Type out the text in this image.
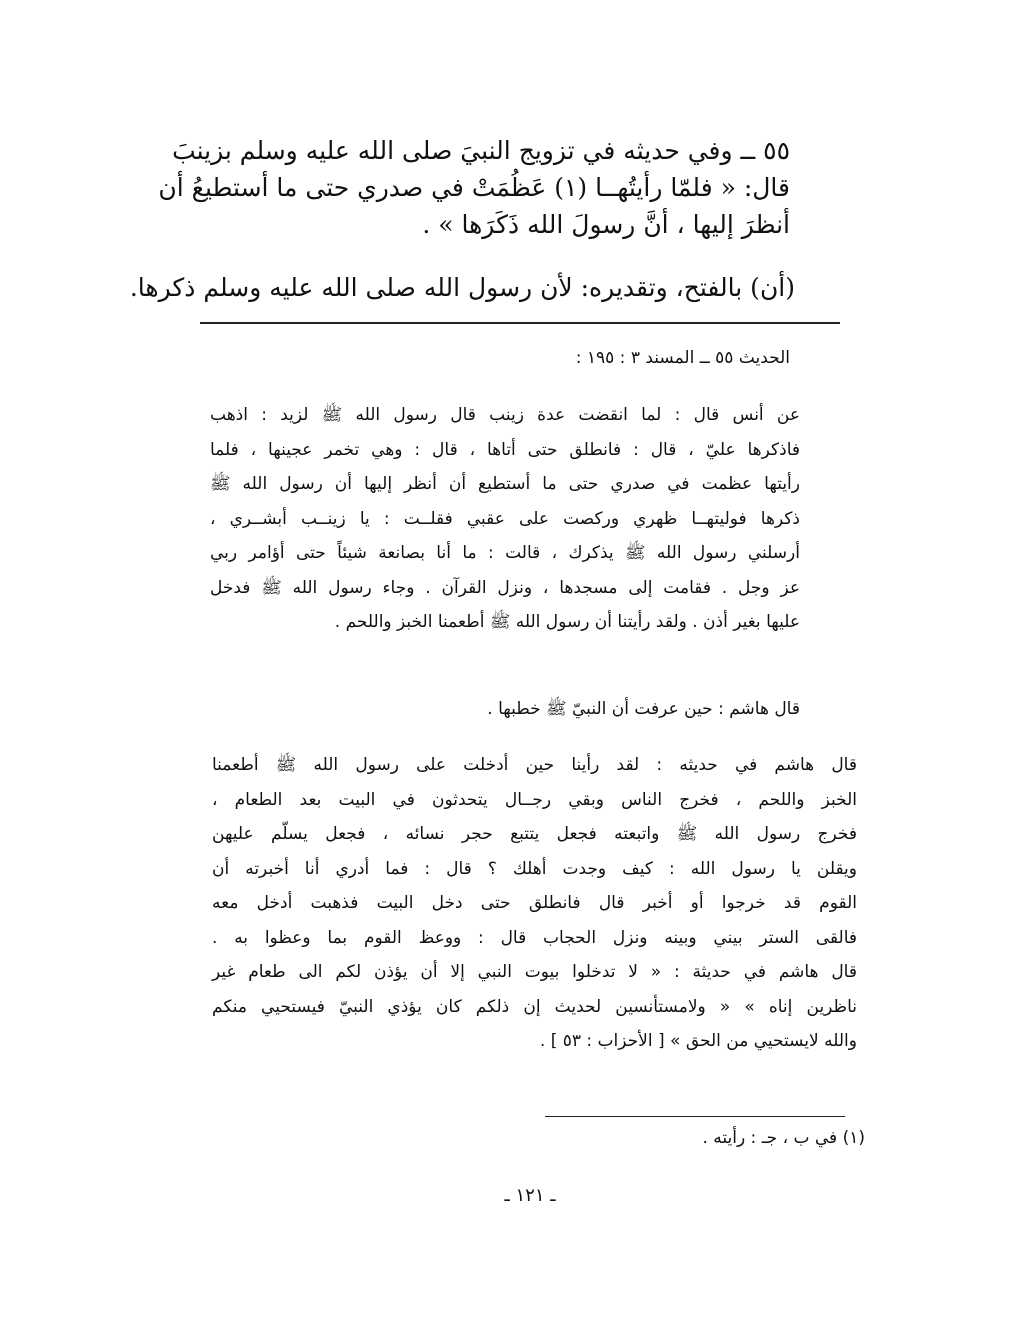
٥٥ ــ وفي حديثه في تزويج النبيَ صلى الله عليه وسلم بزينبَ
قال: « فلمّا رأيتُهــا (١) عَظُمَتْ في صدري حتى ما أستطيعُ أن
أنظرَ إليها ، أنَّ رسولَ الله ذَكَرَها » .
(أن) بالفتح، وتقديره: لأن رسول الله صلى الله عليه وسلم ذكرها.
الحديث ٥٥ ــ المسند ٣ : ١٩٥ :
عن أنس قال : لما انقضت عدة زينب قال رسول الله ﷺ لزيد : اذهب
فاذكرها عليّ ، قال : فانطلق حتى أتاها ، قال : وهي تخمر عجينها ، فلما
رأيتها عظمت في صدري حتى ما أستطيع أن أنظر إليها أن رسول الله ﷺ
ذكرها فوليتهــا ظهري وركصت على عقبي فقلــت : يا زينــب أبشــري ،
أرسلني رسول الله ﷺ يذكرك ، قالت : ما أنا بصانعة شيئاً حتى أؤامر ربي
عز وجل . فقامت إلى مسجدها ، ونزل القرآن . وجاء رسول الله ﷺ فدخل
عليها بغير أذن . ولقد رأيتنا أن رسول الله ﷺ أطعمنا الخبز واللحم .
قال هاشم : حين عرفت أن النبيّ ﷺ خطبها .
قال هاشم في حديثه : لقد رأينا حين أدخلت على رسول الله ﷺ أطعمنا
الخبز واللحم ، فخرج الناس وبقي رجــال يتحدثون في البيت بعد الطعام ،
فخرج رسول الله ﷺ واتبعته فجعل يتتبع حجر نسائه ، فجعل يسلّم عليهن
ويقلن يا رسول الله : كيف وجدت أهلك ؟ قال : فما أدري أنا أخبرته أن
القوم قد خرجوا أو أخبر قال فانطلق حتى دخل البيت فذهبت أدخل معه
فالقى الستر بيني وبينه ونزل الحجاب قال : ووعظ القوم بما وعظوا به .
قال هاشم في حديثة : « لا تدخلوا بيوت النبي إلا أن يؤذن لكم الى طعام غير
ناظرين إناه » « ولامستأنسين لحديث إن ذلكم كان يؤذي النبيّ فيستحيي منكم
والله لايستحيي من الحق » [ الأحزاب : ٥٣ ] .
(١) في ب ، جـ : رأيته .
ـ ١٢١ ـ
